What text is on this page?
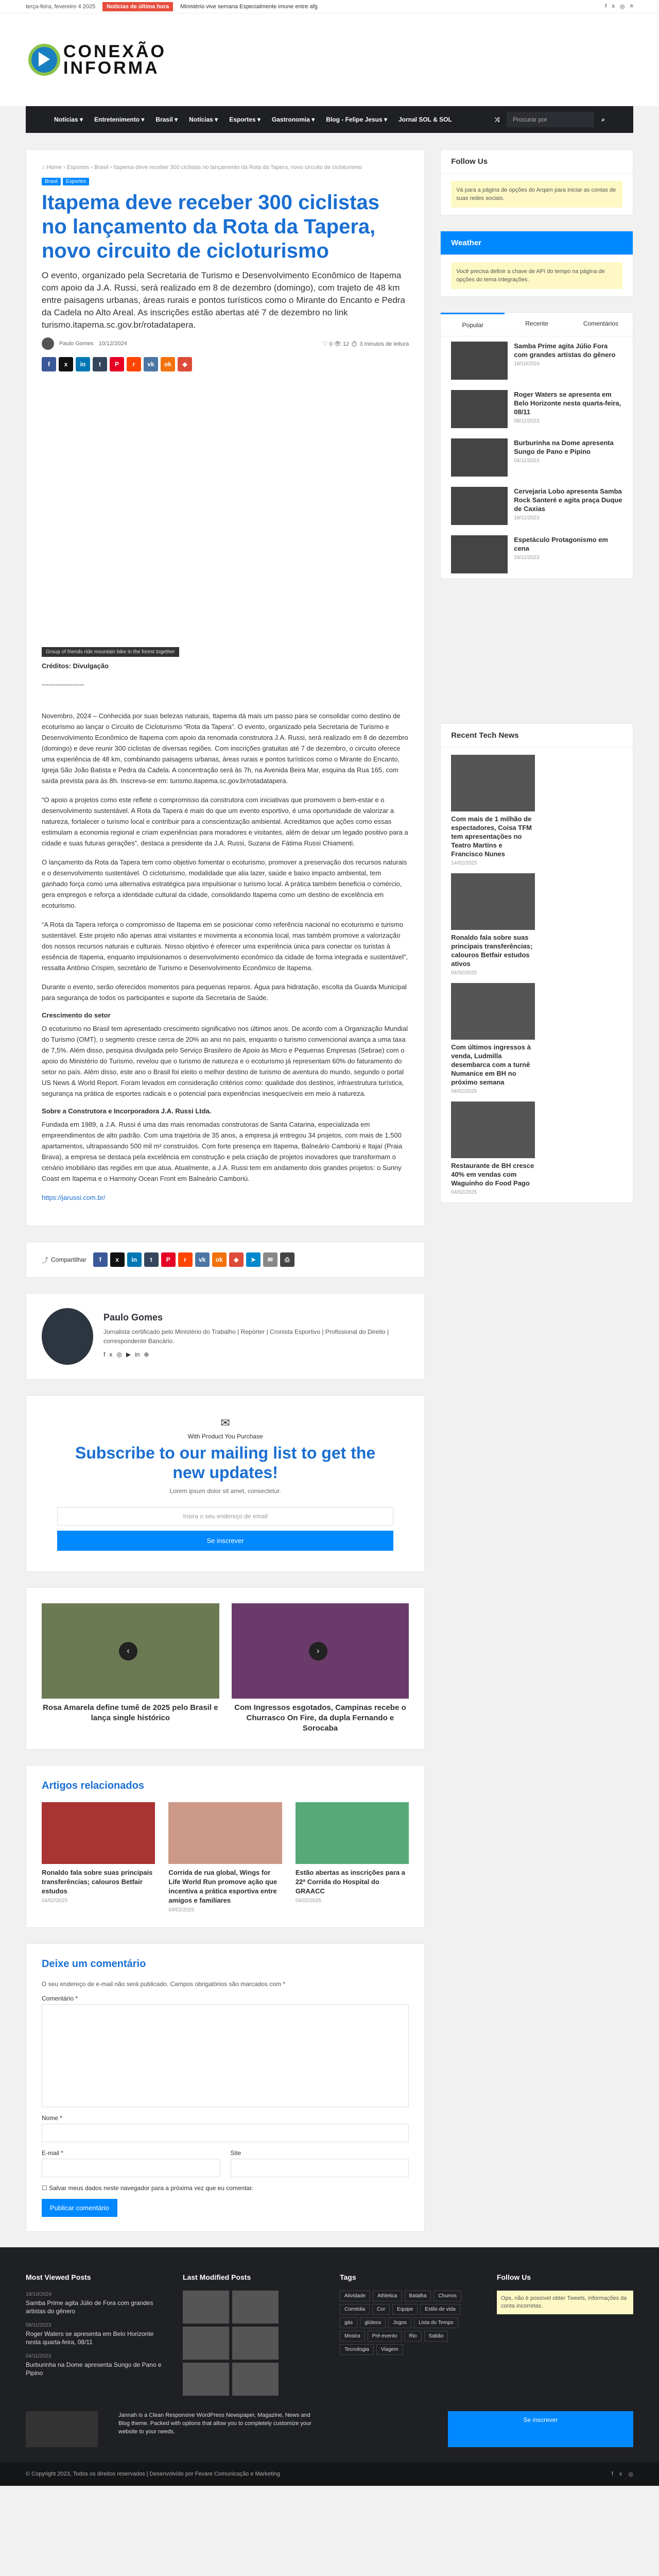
terça-feira, fevereiro 4 2025	Notícias de última hora	Ministério vive semana Especialmente imune entre afg	f x ◎ ≡
CONEXÃO
INFORMA
Notícias ▾ Entretenimento ▾ Brasil ▾ Notícias ▾ Esportes ▾ Gastronomia ▾ Blog - Felipe Jesus ▾ Jornal SOL & SOL	⤨	Procurar por	⌕
⌂ Home › Esportes › Brasil › Itapema deve receber 300 ciclistas no lançamento da Rota da Tapera, novo circuito de cicloturismo
Brasil	Esportes
Itapema deve receber 300 ciclistas no lançamento da Rota da Tapera, novo circuito de cicloturismo

O evento, organizado pela Secretaria de Turismo e Desenvolvimento Econômico de Itapema com apoio da J.A. Russi, será realizado em 8 de dezembro (domingo), com trajeto de 48 km entre paisagens urbanas, áreas rurais e pontos turísticos como o Mirante do Encanto e Pedra da Cadela no Alto Areal. As inscrições estão abertas até 7 de dezembro no link turismo.itapema.sc.gov.br/rotadatapera.

Paulo Gomes 10/12/2024	♡ 0 👁 12 ⏱ 3 minutos de leitura
f	x	in	t	P	r	vk	ok	◈
Group of friends ride mountain bike in the forest together
Créditos: Divulgação

-------------------

Novembro, 2024 – Conhecida por suas belezas naturais, Itapema dá mais um passo para se consolidar como destino de ecoturismo ao lançar o Circuito de Cicloturismo “Rota da Tapera”. O evento, organizado pela Secretaria de Turismo e Desenvolvimento Econômico de Itapema com apoio da renomada construtora J.A. Russi, será realizado em 8 de dezembro (domingo) e deve reunir 300 ciclistas de diversas regiões. Com inscrições gratuitas até 7 de dezembro, o circuito oferece uma experiência de 48 km, combinando paisagens urbanas, áreas rurais e pontos turísticos como o Mirante do Encanto, Igreja São João Batista e Pedra da Cadela. A concentração será às 7h, na Avenida Beira Mar, esquina da Rua 165, com saída prevista para às 8h. Inscreva-se em: turismo.itapema.sc.gov.br/rotadatapera.

“O apoio a projetos como este reflete o compromisso da construtora com iniciativas que promovem o bem-estar e o desenvolvimento sustentável. A Rota da Tapera é mais do que um evento esportivo, é uma oportunidade de valorizar a natureza, fortalecer o turismo local e contribuir para a conscientização ambiental. Acreditamos que ações como essas estimulam a economia regional e criam experiências para moradores e visitantes, além de deixar um legado positivo para a cidade e suas futuras gerações”, destaca a presidente da J.A. Russi, Suzana de Fátima Russi Chiamenti.

O lançamento da Rota da Tapera tem como objetivo fomentar o ecoturismo, promover a preservação dos recursos naturais e o desenvolvimento sustentável. O cicloturismo, modalidade que alia lazer, saúde e baixo impacto ambiental, tem ganhado força como uma alternativa estratégica para impulsionar o turismo local. A prática também beneficia o comércio, gera empregos e reforça a identidade cultural da cidade, consolidando Itapema como um destino de excelência em ecoturismo.

“A Rota da Tapera reforça o compromisso de Itapema em se posicionar como referência nacional no ecoturismo e turismo sustentável. Este projeto não apenas atrai visitantes e movimenta a economia local, mas também promove a valorização dos nossos recursos naturais e culturais. Nosso objetivo é oferecer uma experiência única para conectar os turistas à essência de Itapema, enquanto impulsionamos o desenvolvimento econômico da cidade de forma integrada e sustentável”, ressalta Antônio Crispim, secretário de Turismo e Desenvolvimento Econômico de Itapema.

Durante o evento, serão oferecidos momentos para pequenas reparos. Água para hidratação, escolta da Guarda Municipal para segurança de todos os participantes e suporte da Secretaria de Saúde.

Crescimento do setor

O ecoturismo no Brasil tem apresentado crescimento significativo nos últimos anos. De acordo com a Organização Mundial do Turismo (OMT), o segmento cresce cerca de 20% ao ano no país, enquanto o turismo convencional avança a uma taxa de 7,5%. Além disso, pesquisa divulgada pelo Serviço Brasileiro de Apoio às Micro e Pequenas Empresas (Sebrae) com o apoio do Ministério do Turismo, revelou que o turismo de natureza e o ecoturismo já representam 60% do faturamento do setor no país. Além disso, este ano o Brasil foi eleito o melhor destino de turismo de aventura do mundo, segundo o portal US News & World Report. Foram levados em consideração critérios como: qualidade dos destinos, infraestrutura turística, segurança na prática de esportes radicais e o potencial para experiências inesquecíveis em meio à natureza.

Sobre a Construtora e Incorporadora J.A. Russi Ltda.

Fundada em 1989, a J.A. Russi é uma das mais renomadas construtoras de Santa Catarina, especializada em empreendimentos de alto padrão. Com uma trajetória de 35 anos, a empresa já entregou 34 projetos, com mais de 1.500 apartamentos, ultrapassando 500 mil m² construídos. Com forte presença em Itapema, Balneário Camboriú e Itajaí (Praia Brava), a empresa se destaca pela excelência em construção e pela criação de projetos inovadores que transformam o cenário imobiliário das regiões em que atua. Atualmente, a J.A. Russi tem em andamento dois grandes projetos: o Sunny Coast em Itapema e o Harmony Ocean Front em Balneário Camboriú.

https://jarussi.com.br/

⤴ Compartilhar	f	x	in	t	P	r	vk	ok	◈	➤	✉	⎙
Paulo Gomes

Jornalista certificado pelo Ministério do Trabalho | Repórter | Cronista Esportivo | Profissional do Direito | correspondente Bancário.

f x ◎ ▶ in ⊕
✉
With Product You Purchase
Subscribe to our mailing list to get the new updates!
Lorem ipsum dolor sit amet, consectetur.
Insira o seu endereço de email
Se inscrever
‹
Rosa Amarela define tumê de 2025 pelo Brasil e lança single histórico
›
Com Ingressos esgotados, Campinas recebe o Churrasco On Fire, da dupla Fernando e Sorocaba
Artigos relacionados
Ronaldo fala sobre suas principais transferências; calouros Betfair estudos
04/02/2025
Corrida de rua global, Wings for Life World Run promove ação que incentiva a prática esportiva entre amigos e familiares
04/02/2025
Estão abertas as inscrições para a 22ª Corrida do Hospital do GRAACC
04/02/2025
Deixe um comentário

O seu endereço de e-mail não será publicado. Campos obrigatórios são marcados com *

Comentário *
Nome *
E-mail *	Site
☐ Salvar meus dados neste navegador para a próxima vez que eu comentar.
Publicar comentário
Follow Us
Vá para a página de opções do Arqam para iniciar as contas de suas redes sociais.
Weather
Você precisa definir a chave de API do tempo na página de opções do tema integrações.
Popular	Recente	Comentários
Samba Prime agita Júlio Fora com grandes artistas do gênero
18/10/2024
Roger Waters se apresenta em Belo Horizonte nesta quarta-feira, 08/11
08/11/2023
Burburinha na Dome apresenta Sungo de Pano e Pipino
04/11/2023
Cervejaria Lobo apresenta Samba Rock Santeré e agita praça Duque de Caxias
18/11/2023
Espetáculo Protagonismo em cena
19/11/2023
Recent Tech News
Com mais de 1 milhão de espectadores, Coisa TFM tem apresentações no Teatro Martins e Francisco Nunes
14/02/2025
Ronaldo fala sobre suas principais transferências; calouros Betfair estudos ativos
04/02/2025
Com últimos ingressos à venda, Ludmilla desembarca com a turnê Numanice em BH no próximo semana
04/02/2025
Restaurante de BH cresce 40% em vendas com Waguinho do Food Pago
04/02/2025
Most Viewed Posts
18/10/2024
Samba Prime agita Júlio de Fora com grandes artistas do gênero
08/11/2023
Roger Waters se apresenta em Belo Horizonte nesta quarta-feira, 08/11
04/11/2023
Burburinha na Dome apresenta Sungo de Pano e Pipino
Last Modified Posts	Tags
Atividade	Athletica	Batalha	Churros
Comédia	Cor	Equipe	Estilo de vida
gás	glúteos	Jogos	Lista do Tempo
Mostra	Pré-evento	Rio	Sabão
Tecnologia	Viagem
Follow Us
Ops, não é possível obter Tweets, informações da conta incorretas.

Jannah is a Clean Responsive WordPress Newspaper, Magazine, News and Blog theme. Packed with options that allow you to completely customize your website to your needs.

Se inscrever
© Copyright 2023, Todos os direitos reservados | Desenvolvido por Fevare Comunicação e Marketing	f x ◎
